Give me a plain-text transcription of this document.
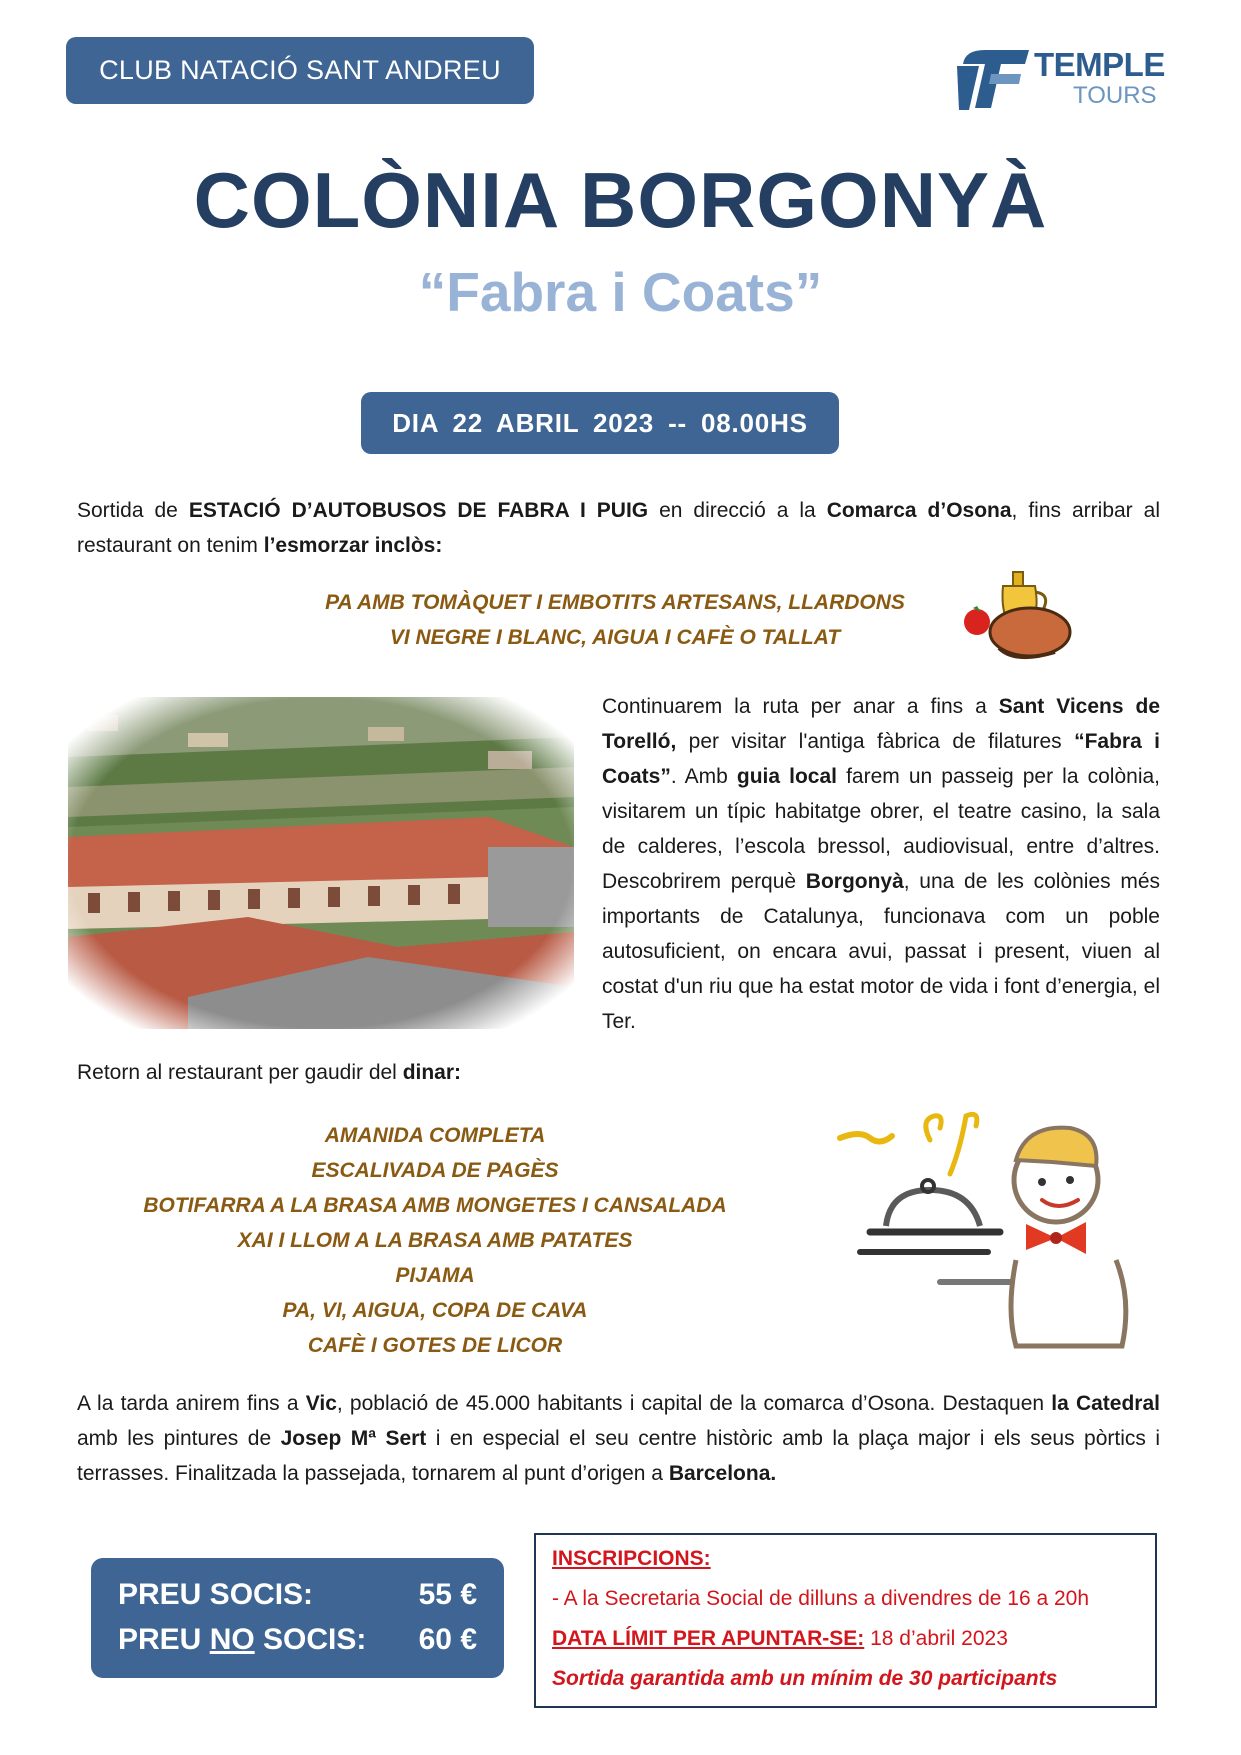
CLUB NATACIÓ SANT ANDREU	TEMPLE
TOURS
COLÒNIA BORGONYÀ
“Fabra i Coats”
DIA 22 ABRIL 2023 -- 08.00HS
Sortida de ESTACIÓ D’AUTOBUSOS DE FABRA I PUIG en direcció a la Comarca d’Osona, fins arribar al restaurant on tenim l’esmorzar inclòs:
PA AMB TOMÀQUET I EMBOTITS ARTESANS, LLARDONS
VI NEGRE I BLANC, AIGUA I CAFÈ O TALLAT
Continuarem la ruta per anar a fins a Sant Vicens de Torelló, per visitar l'antiga fàbrica de filatures “Fabra i Coats”. Amb guia local farem un passeig per la colònia, visitarem un típic habitatge obrer, el teatre casino, la sala de calderes, l’escola bressol, audiovisual, entre d’altres. Descobrirem perquè Borgonyà, una de les colònies més importants de Catalunya, funcionava com un poble autosuficient, on encara avui, passat i present, viuen al costat d'un riu que ha estat motor de vida i font d’energia, el Ter.
Retorn al restaurant per gaudir del dinar:
AMANIDA COMPLETA
ESCALIVADA DE PAGÈS
BOTIFARRA A LA BRASA AMB MONGETES I CANSALADA
XAI I LLOM A LA BRASA AMB PATATES
PIJAMA
PA, VI, AIGUA, COPA DE CAVA
CAFÈ I GOTES DE LICOR
A la tarda anirem fins a Vic, població de 45.000 habitants i capital de la comarca d’Osona. Destaquen la Catedral amb les pintures de Josep Mª Sert i en especial el seu centre històric amb la plaça major i els seus pòrtics i terrasses. Finalitzada la passejada, tornarem al punt d’origen a Barcelona.
PREU SOCIS:	55 €
PREU NO SOCIS: 60 €
INSCRIPCIONS:
- A la Secretaria Social de dilluns a divendres de 16 a 20h
DATA LÍMIT PER APUNTAR-SE: 18 d’abril 2023
Sortida garantida amb un mínim de 30 participants
